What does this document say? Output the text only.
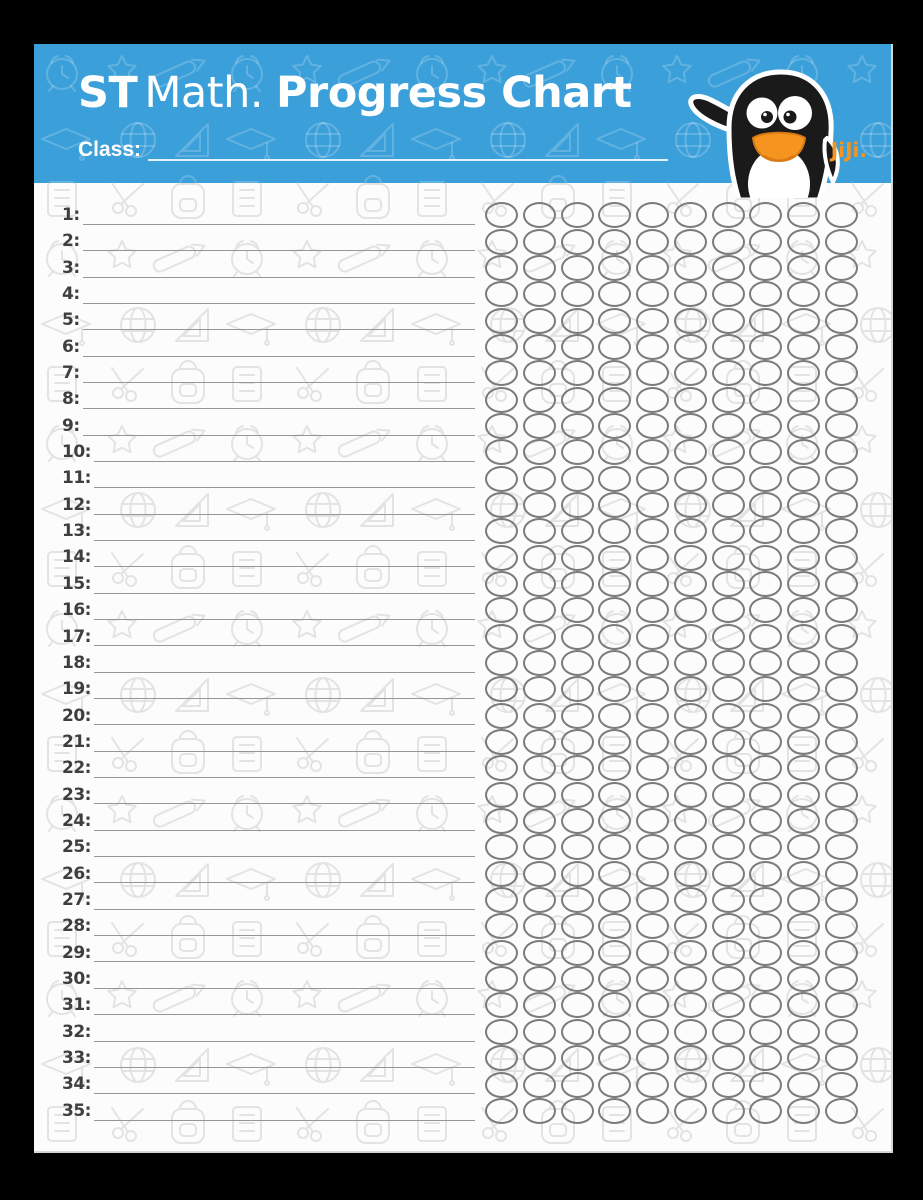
ST Math. Progress Chart
Class:	JiJi.
1:
2:
3:
4:
5:
6:
7:
8:
9:
10:
11:
12:
13:
14:
15:
16:
17:
18:
19:
20:
21:
22:
23:
24:
25:
26:
27:
28:
29:
30:
31:
32:
33:
34:
35:
